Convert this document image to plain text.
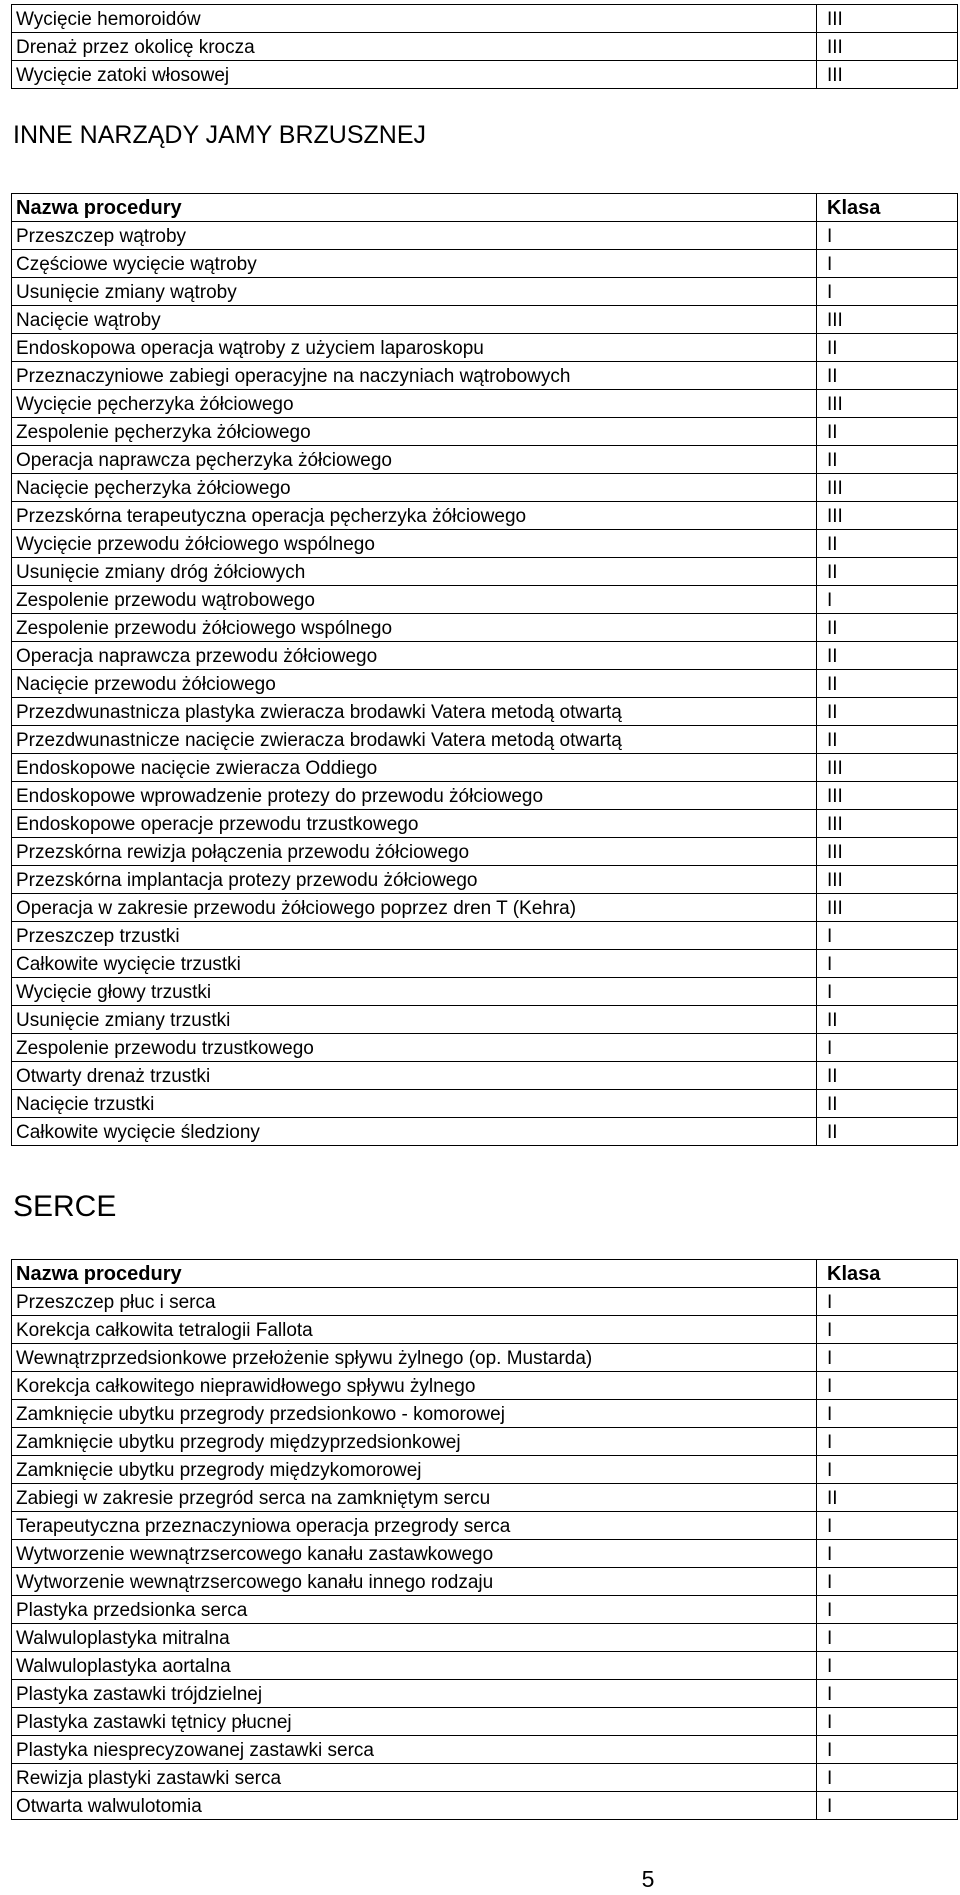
Wycięcie hemoroidów	III
Drenaż przez okolicę krocza	III
Wycięcie zatoki włosowej	III
INNE NARZĄDY JAMY BRZUSZNEJ
Nazwa procedury	Klasa
Przeszczep wątroby	I
Częściowe wycięcie wątroby	I
Usunięcie zmiany wątroby	I
Nacięcie wątroby	III
Endoskopowa operacja wątroby z użyciem laparoskopu	II
Przeznaczyniowe zabiegi operacyjne na naczyniach wątrobowych	II
Wycięcie pęcherzyka żółciowego	III
Zespolenie pęcherzyka żółciowego	II
Operacja naprawcza pęcherzyka żółciowego	II
Nacięcie pęcherzyka żółciowego	III
Przezskórna terapeutyczna operacja pęcherzyka żółciowego	III
Wycięcie przewodu żółciowego wspólnego	II
Usunięcie zmiany dróg żółciowych	II
Zespolenie przewodu wątrobowego	I
Zespolenie przewodu żółciowego wspólnego	II
Operacja naprawcza przewodu żółciowego	II
Nacięcie przewodu żółciowego	II
Przezdwunastnicza plastyka zwieracza brodawki Vatera metodą otwartą	II
Przezdwunastnicze nacięcie zwieracza brodawki Vatera metodą otwartą	II
Endoskopowe nacięcie zwieracza Oddiego	III
Endoskopowe wprowadzenie protezy do przewodu żółciowego	III
Endoskopowe operacje przewodu trzustkowego	III
Przezskórna rewizja połączenia przewodu żółciowego	III
Przezskórna implantacja protezy przewodu żółciowego	III
Operacja w zakresie przewodu żółciowego poprzez dren T (Kehra)	III
Przeszczep trzustki	I
Całkowite wycięcie trzustki	I
Wycięcie głowy trzustki	I
Usunięcie zmiany trzustki	II
Zespolenie przewodu trzustkowego	I
Otwarty drenaż trzustki	II
Nacięcie trzustki	II
Całkowite wycięcie śledziony	II
SERCE
Nazwa procedury	Klasa
Przeszczep płuc i serca	I
Korekcja całkowita tetralogii Fallota	I
Wewnątrzprzedsionkowe przełożenie spływu żylnego (op. Mustarda)	I
Korekcja całkowitego nieprawidłowego spływu żylnego	I
Zamknięcie ubytku przegrody przedsionkowo - komorowej	I
Zamknięcie ubytku przegrody międzyprzedsionkowej	I
Zamknięcie ubytku przegrody międzykomorowej	I
Zabiegi w zakresie przegród serca na zamkniętym sercu	II
Terapeutyczna przeznaczyniowa operacja przegrody serca	I
Wytworzenie wewnątrzsercowego kanału zastawkowego	I
Wytworzenie wewnątrzsercowego kanału innego rodzaju	I
Plastyka przedsionka serca	I
Walwuloplastyka mitralna	I
Walwuloplastyka aortalna	I
Plastyka zastawki trójdzielnej	I
Plastyka zastawki tętnicy płucnej	I
Plastyka niesprecyzowanej zastawki serca	I
Rewizja plastyki zastawki serca	I
Otwarta walwulotomia	I
5
